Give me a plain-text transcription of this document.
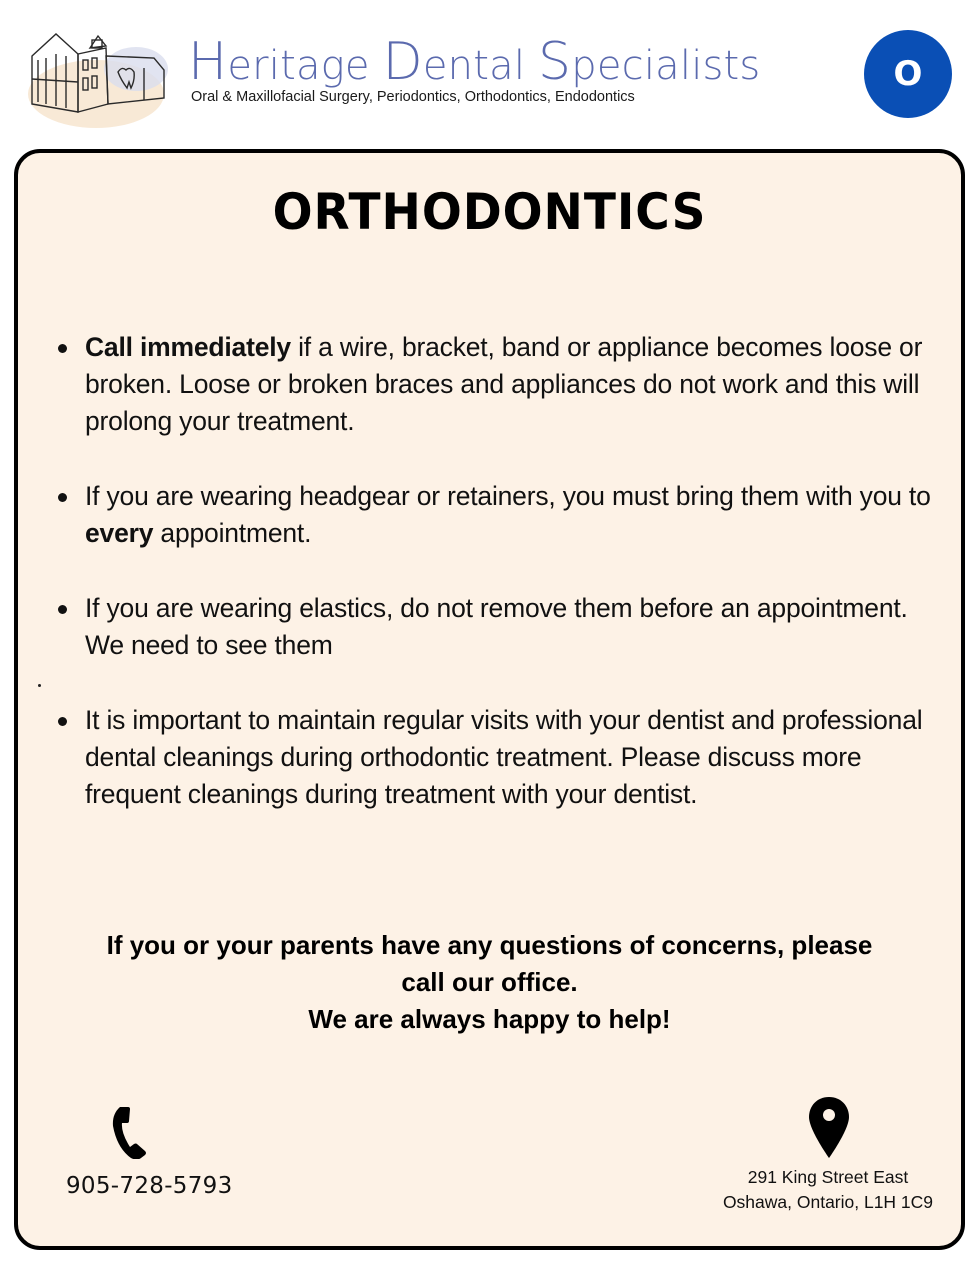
Heritage Dental Specialists
Oral & Maxillofacial Surgery, Periodontics, Orthodontics, Endodontics
O
ORTHODONTICS
Call immediately if a wire, bracket, band or appliance becomes loose or broken. Loose or broken braces and appliances do not work and this will prolong your treatment.
If you are wearing headgear or retainers, you must bring them with you to every appointment.
If you are wearing elastics, do not remove them before an appointment. We need to see them
It is important to maintain regular visits with your dentist and professional dental cleanings during orthodontic treatment. Please discuss more frequent cleanings during treatment with your dentist.
If you or your parents have any questions of concerns, please
call our office.
We are always happy to help!
905-728-5793	291 King Street East
Oshawa, Ontario, L1H 1C9
